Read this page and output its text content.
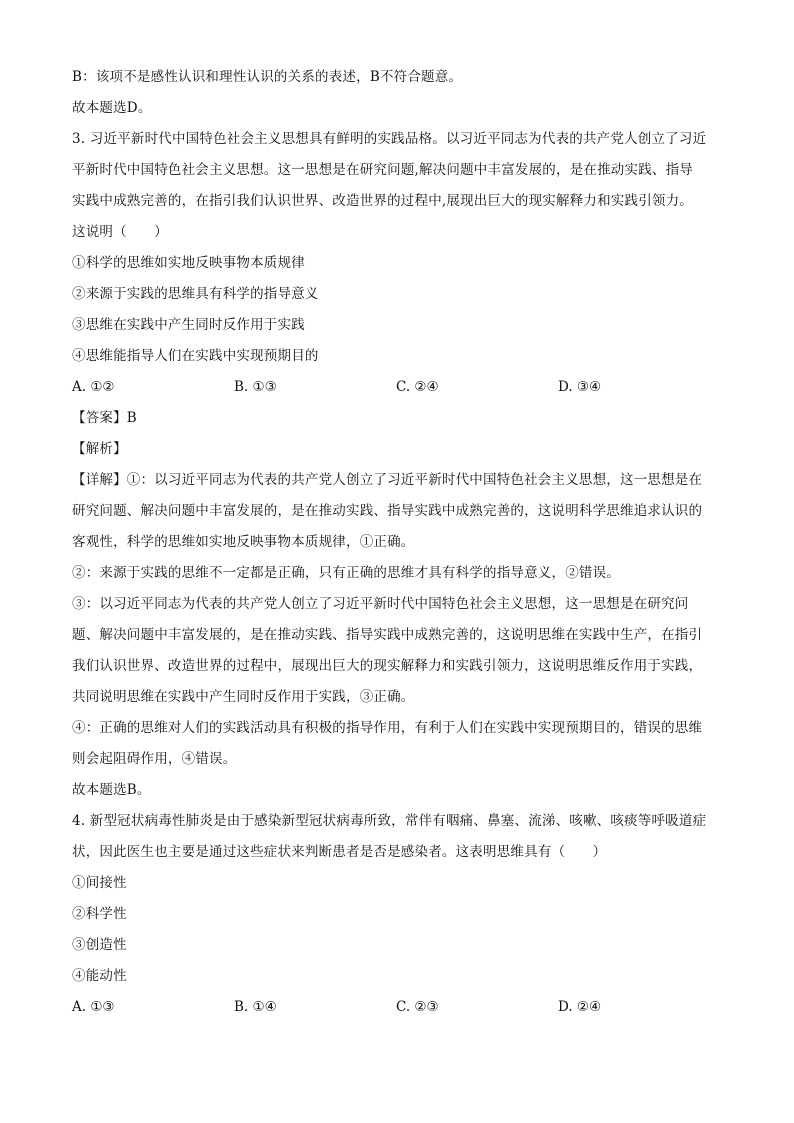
B：该项不是感性认识和理性认识的关系的表述，B不符合题意。
故本题选D。
3. 习近平新时代中国特色社会主义思想具有鲜明的实践品格。以习近平同志为代表的共产党人创立了习近
平新时代中国特色社会主义思想。这一思想是在研究问题,解决问题中丰富发展的，是在推动实践、指导
实践中成熟完善的，在指引我们认识世界、改造世界的过程中,展现出巨大的现实解释力和实践引领力。
这说明（　　）
①科学的思维如实地反映事物本质规律
②来源于实践的思维具有科学的指导意义
③思维在实践中产生同时反作用于实践
④思维能指导人们在实践中实现预期目的
A. ①②	B. ①③	C. ②④	D. ③④
【答案】B
【解析】
【详解】①：以习近平同志为代表的共产党人创立了习近平新时代中国特色社会主义思想，这一思想是在
研究问题、解决问题中丰富发展的，是在推动实践、指导实践中成熟完善的，这说明科学思维追求认识的
客观性，科学的思维如实地反映事物本质规律，①正确。
②：来源于实践的思维不一定都是正确，只有正确的思维才具有科学的指导意义，②错误。
③：以习近平同志为代表的共产党人创立了习近平新时代中国特色社会主义思想，这一思想是在研究问
题、解决问题中丰富发展的，是在推动实践、指导实践中成熟完善的，这说明思维在实践中生产，在指引
我们认识世界、改造世界的过程中，展现出巨大的现实解释力和实践引领力，这说明思维反作用于实践，
共同说明思维在实践中产生同时反作用于实践，③正确。
④：正确的思维对人们的实践活动具有积极的指导作用，有利于人们在实践中实现预期目的，错误的思维
则会起阻碍作用，④错误。
故本题选B。
4. 新型冠状病毒性肺炎是由于感染新型冠状病毒所致，常伴有咽痛、鼻塞、流涕、咳嗽、咳痰等呼吸道症
状，因此医生也主要是通过这些症状来判断患者是否是感染者。这表明思维具有（　　）
①间接性
②科学性
③创造性
④能动性
A. ①③	B. ①④	C. ②③	D. ②④
